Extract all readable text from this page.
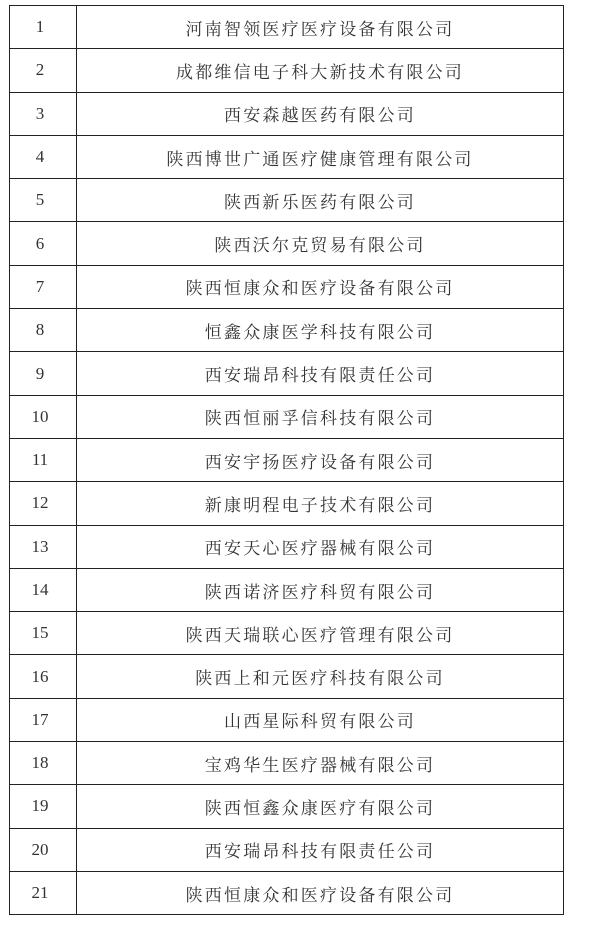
1	河南智领医疗医疗设备有限公司
2	成都维信电子科大新技术有限公司
3	西安森越医药有限公司
4	陕西博世广通医疗健康管理有限公司
5	陕西新乐医药有限公司
6	陕西沃尔克贸易有限公司
7	陕西恒康众和医疗设备有限公司
8	恒鑫众康医学科技有限公司
9	西安瑞昂科技有限责任公司
10	陕西恒丽孚信科技有限公司
11	西安宇扬医疗设备有限公司
12	新康明程电子技术有限公司
13	西安天心医疗器械有限公司
14	陕西诺济医疗科贸有限公司
15	陕西天瑞联心医疗管理有限公司
16	陕西上和元医疗科技有限公司
17	山西星际科贸有限公司
18	宝鸡华生医疗器械有限公司
19	陕西恒鑫众康医疗有限公司
20	西安瑞昂科技有限责任公司
21	陕西恒康众和医疗设备有限公司
